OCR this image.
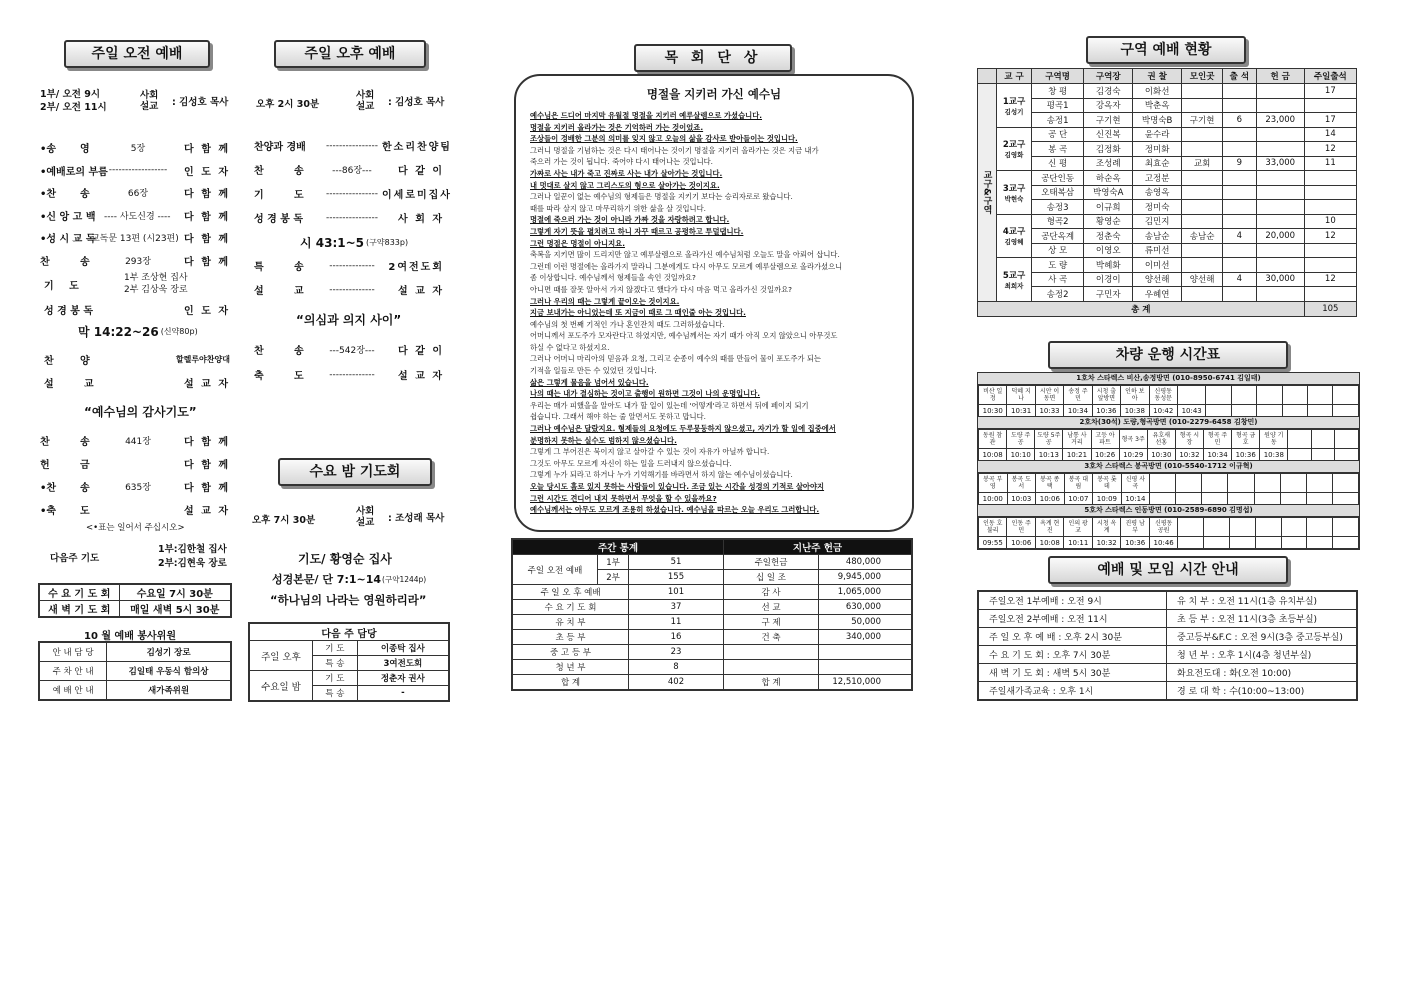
주일 오전 예배
1부/ 오전 9시
2부/ 오전 11시
사회
설교	: 김성호 목사
•송	영	5장	다 함 께
•예배로의 부름 ------------------	인 도 자
•찬	송	66장	다 함 께
•신 앙 고 백 ---- 사도신경 ----	다 함 께
•성 시 교 독
교독문 13편 (시23편) 다 함 께
찬	송	293장	다 함 께
기 도
1부 조상현 집사
2부 김상욱 장로
성 경 봉 독	인 도 자
막 14:22~26 (신약80p)
찬	양	할렐루야찬양대
설	교	설 교 자
“예수님의 감사기도”
찬	송	441장	다 함 께
헌	금	다 함 께
•찬	송	635장	다 함 께
•축	도	설 교 자
<•표는 일어서 주십시오>
다음주 기도
1부:김한철 집사
2부:김현욱 장로
수 요 기 도 회	수요일 7시 30분
새 벽 기 도 회	매일 새벽 5시 30분
10 월 예배 봉사위원
안 내 담 당	김성기 장로
주 차 안 내	김일태 우동식 함의상
예 배 안 내	새가족위원
주일 오후 예배
오후 2시 30분
사회
설교	: 김성호 목사
찬양과 경배	---------------- 한소리찬양팀
찬	송	---86장---	다 같 이
기	도	---------------- 이세로미집사
성 경 봉 독	----------------	사 회 자
시 43:1~5 (구약833p)
특	송	--------------	2여전도회
설	교	--------------	설 교 자
“의심과 의지 사이”
찬	송	---542장---	다 같 이
축	도	--------------	설 교 자
수요 밤 기도회
오후 7시 30분
사회
설교	: 조성래 목사
기도/ 황영순 집사
성경본문/ 단 7:1~14 (구약1244p)
“하나님의 나라는 영원하리라”
다음 주 담당		
주일 오후	기 도	이종탁 집사
	특 송	3여전도회
수요일 밤	기 도	정춘자 권사
	특 송	-
목 회 단 상
명절을 지키러 가신 예수님

예수님은 드디어 마지막 유월절 명절을 지키러 예루살렘으로 가셨습니다.

명절을 지키러 올라가는 것은 기억하러 가는 것이었죠.

조상들이 경배한 그분의 의미를 잊지 않고 오늘의 삶을 감사로 받아들이는 것입니다.

그러니 명절을 기념하는 것은 다시 태어나는 것이기 명절을 지키러 올라가는 것은 지금 내가

죽으러 가는 것이 됩니다. 죽어야 다시 태어나는 것입니다.

가짜로 사는 내가 죽고 진짜로 사는 내가 살아가는 것입니다.

내 멋대로 살지 않고 그리스도의 형으로 살아가는 것이지요.

그러나 일꾼이 없는 예수님의 형제들은 명절을 지키기 보다는 승리자로로 왔습니다.

때를 따라 살지 않고 마무리하기 위한 삶을 살 것입니다.

명절에 죽으러 가는 것이 아니라 가짜 것을 자랑하려고 합니다.

그렇게 자기 뜻을 펼치려고 하니 자꾸 때르고 공평하고 투덜댑니다.

그런 명절은 명절이 아니지요.

축복을 지키면 많이 드리지만 않고 예루살렘으로 올라가신 예수님처럼 오늘도 말을 아뢰어 삽니다.

그런데 이런 명절에는 올라가지 말라니 그분에게도 다시 아무도 모르게 예루살렘으로 올라가셨으니

좀 이상합니다. 예수님께서 형제들을 속인 것일까요?

아니면 때를 잘못 알아서 가지 않겠다고 했다가 다시 마음 먹고 올라가신 것일까요?

그러나 우리의 때는 그렇게 끝이오는 것이지요.

지금 보내가는 아니었는데 또 지금이 때로 그 때인줄 아는 것입니다.

예수님의 첫 번째 기적인 가나 혼인잔치 때도 그러하셨습니다.

어머니께서 포도주가 모자란다고 하였지만, 예수님께서는 자기 때가 아직 오지 않았으니 아무것도

하실 수 없다고 하셨지요.

그러나 어머니 마리아의 믿음과 요청, 그리고 순종이 예수의 때를 만들어 물이 포도주가 되는

기적을 일들로 만든 수 있었던 것입니다.

삶은 그렇게 물음을 넘어서 있습니다.

나의 때는 내가 결심하는 것이고 출행이 원하면 그것이 나의 운명입니다.

우리는 매가 피했을을 알아도 내가 할 일이 있는데 '어떻게'라고 하면서 뒤에 페이지 되기

쉽습니다. 그래서 해야 하는 줄 알면서도 못하고 맙니다.

그러나 예수님은 달랐지요. 형제들의 요청에도 두루뭉둥하지 않으셨고, 자기가 할 일에 집중에서

분명하지 못하는 실수도 범하지 않으셨습니다.

그렇게 그 부어진은 묵이지 않고 살아갈 수 있는 것이 자유가 아닐까 합니다.

그것도 아무도 모르게 자신이 하는 일을 드러내지 않으셨습니다.

그렇게 누가 되라고 하거나 누가 기억해기를 바라면서 하지 않는 예수님이셨습니다.

오늘 당시도 홀로 있지 못하는 사람들이 있습니다. 조금 있는 시간을 성경의 기적로 살아야지

그런 시간도 견디어 내지 못하면서 무엇을 할 수 있을까요?

예수님께서는 아무도 모르게 조용히 하셨습니다. 예수님을 따르는 오늘 우리도 그러합니다.

주간 통계			지난주 헌금	
주일 오전 예배	1부	51	주일헌금	480,000
	2부	155	십 일 조	9,945,000
주 일 오 후 예배		101	감 사	1,065,000
수 요 기 도 회		37	선 교	630,000
유 치 부		11	구 제	50,000
초 등 부		16	건 축	340,000
중 고 등 부		23		
청 년 부		8		
합 계		402	합 계	12,510,000
구역 예배 현황
	교 구	구역명	구역장	권 찰	모인곳	출 석	헌 금	주일출석
교구&구역	1교구
김성기	창 평	김경숙	이화선				17
		평곡1	강옥자	박춘옥				
		송정1	구기현	박명숙B	구기현	6	23,000	17

	2교구
김영화	공 단	신진복	윤수라				14
		봉 곡	김정화	정미화				12
		신 평	조성례	최효순	교회	9	33,000	11

	3교구
박현숙	공단인동	하순옥	고정분				
		오태복삼	박영숙A	송영옥				
		송정3	이규희	정미숙				

	4교구
김영혜	형곡2	황영순	김민지				10
		공단옥계	정춘숙	송남순	송남순	4	20,000	12
		상 모	이영오	류미선				

	5교구
최희자	도 량	박혜화	이미선				
		사 곡	이경이	양선해	양선해	4	30,000	12
		송정2	구민자	우혜연				
총 계								105
차량 운행 시간표
1호차 스타렉스 비산,송정방면 (010-8950-6741 김일태)
비산 일정	덕혜 지나	시안 이동면	송정 주민	시청 출앞방면	인하 보아	신평동 동성문							
10:30	10:31	10:33	10:34	10:36	10:38	10:42	10:43						
2호차(30석) 도량,형곡방면 (010-2279-6458 김창민)
동원 참관	도량 주공	도량 5주공	남통 사거리	고등 아파트	형곡 3주	유호새 선홍	형곡 시장	형곡 주민	형곡 금호	원양 기동			
10:08	10:10	10:13	10:21	10:26	10:29	10:30	10:32	10:34	10:36	10:38			
3호차 스타렉스 봉곡방면 (010-5540-1712 이규혁)
봉곡 부영	봉곡 도서	봉곡 종택	봉곡 대림	봉곡 롯데	신평 사곡								
10:00	10:03	10:06	10:07	10:09	10:14								
5호차 스타렉스 인동방면 (010-2589-6890 김명섭)
인동 호불리	인동 주민	옥계 현진	인의 광교	시청 옥계	진평 남부	신평동 공원							
09:55	10:06	10:08	10:11	10:32	10:36	10:46							
예배 및 모임 시간 안내
주일오전 1부예배 : 오전 9시	유 치 부 : 오전 11시(1층 유치부실)
주일오전 2부예배 : 오전 11시	초 등 부 : 오전 11시(3층 초등부실)
주 일 오 후 예 배 : 오후 2시 30분	중고등부&F.C : 오전 9시(3층 중고등부실)
수 요 기 도 회 : 오후 7시 30분	청 년 부 : 오후 1시(4층 청년부실)
새 벽 기 도 회 : 새벽 5시 30분	화요전도대 : 화(오전 10:00)
주일새가족교육 : 오후 1시	경 로 대 학 : 수(10:00~13:00)
